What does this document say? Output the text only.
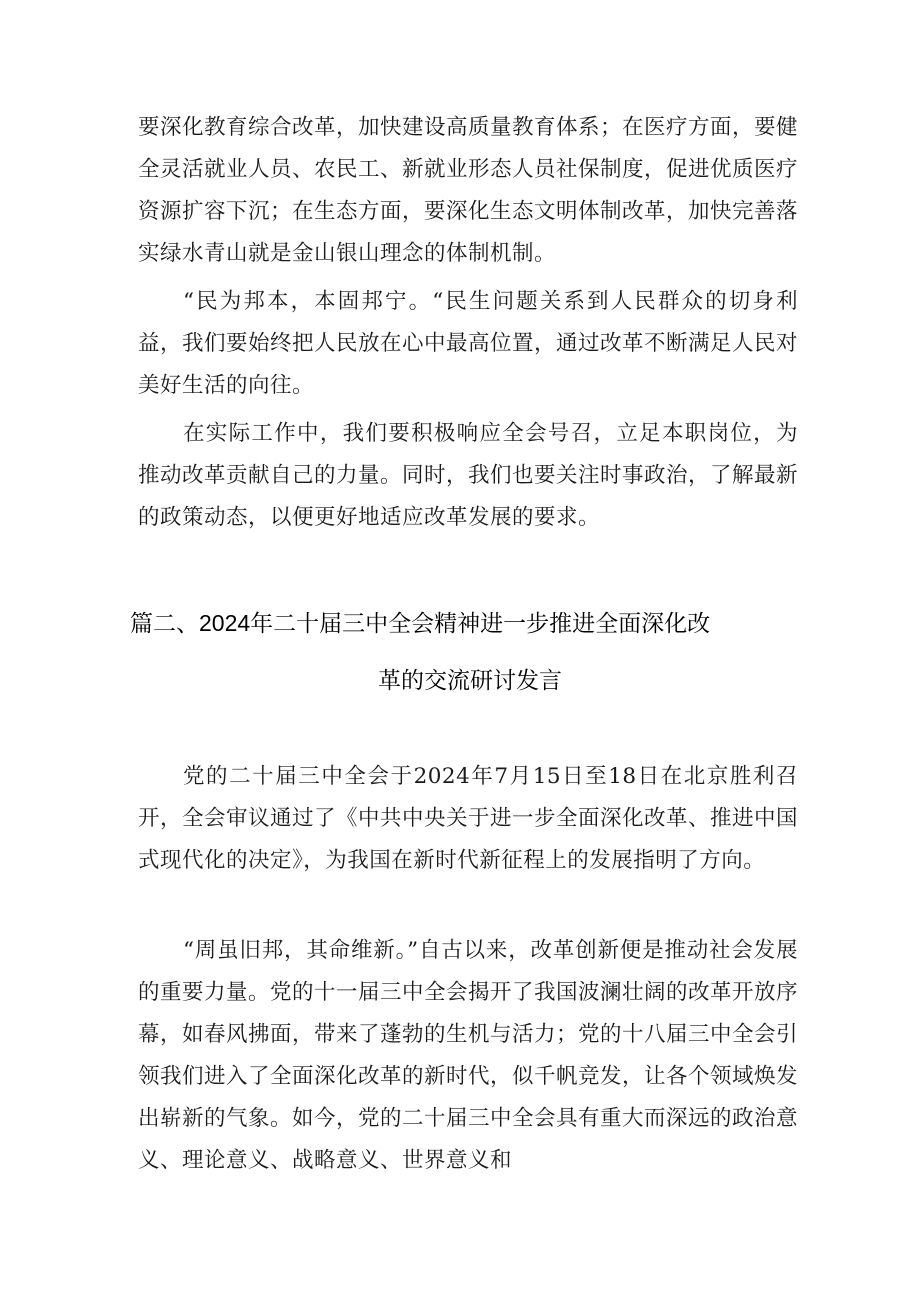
要深化教育综合改革，加快建设高质量教育体系；在医疗方面，要健全灵活就业人员、农民工、新就业形态人员社保制度，促进优质医疗资源扩容下沉；在生态方面，要深化生态文明体制改革，加快完善落实绿水青山就是金山银山理念的体制机制。

“民为邦本，本固邦宁。“民生问题关系到人民群众的切身利益，我们要始终把人民放在心中最高位置，通过改革不断满足人民对美好生活的向往。

在实际工作中，我们要积极响应全会号召，立足本职岗位，为推动改革贡献自己的力量。同时，我们也要关注时事政治，了解最新的政策动态，以便更好地适应改革发展的要求。

篇二、2024年二十届三中全会精神进一步推进全面深化改
革的交流研讨发言

党的二十届三中全会于2024年7月15日至18日在北京胜利召开，全会审议通过了《中共中央关于进一步全面深化改革、推进中国式现代化的决定》，为我国在新时代新征程上的发展指明了方向。

“周虽旧邦，其命维新。”自古以来，改革创新便是推动社会发展的重要力量。党的十一届三中全会揭开了我国波澜壮阔的改革开放序幕，如春风拂面，带来了蓬勃的生机与活力；党的十八届三中全会引领我们进入了全面深化改革的新时代，似千帆竞发，让各个领域焕发出崭新的气象。如今，党的二十届三中全会具有重大而深远的政治意义、理论意义、战略意义、世界意义和
